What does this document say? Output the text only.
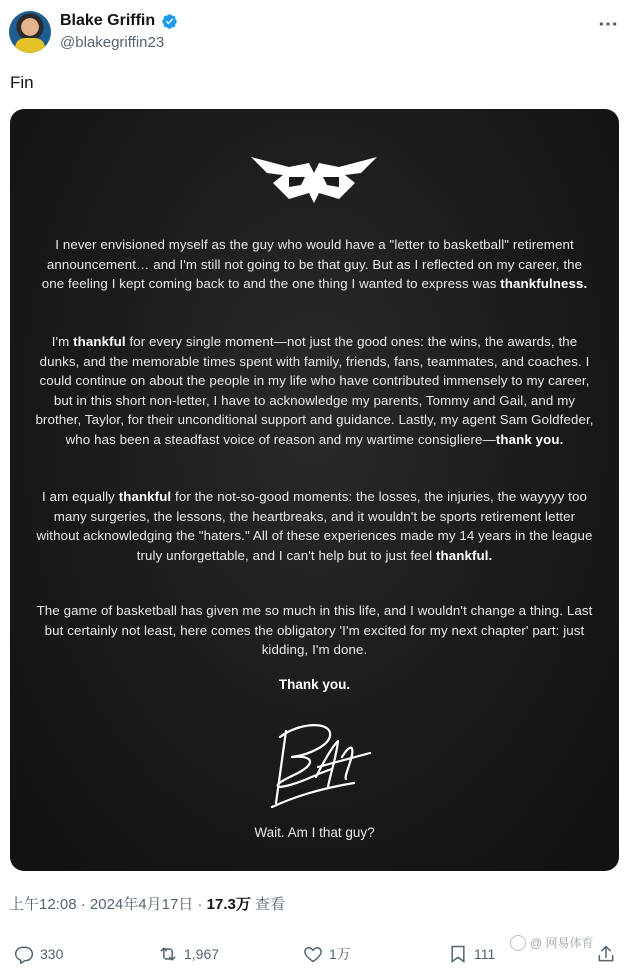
Blake Griffin
@blakegriffin23
Fin
I never envisioned myself as the guy who would have a "letter to basketball" retirement announcement… and I'm still not going to be that guy. But as I reflected on my career, the one feeling I kept coming back to and the one thing I wanted to express was thankfulness.
I'm thankful for every single moment—not just the good ones: the wins, the awards, the dunks, and the memorable times spent with family, friends, fans, teammates, and coaches. I could continue on about the people in my life who have contributed immensely to my career, but in this short non-letter, I have to acknowledge my parents, Tommy and Gail, and my brother, Taylor, for their unconditional support and guidance. Lastly, my agent Sam Goldfeder, who has been a steadfast voice of reason and my wartime consigliere—thank you.
I am equally thankful for the not-so-good moments: the losses, the injuries, the wayyyy too many surgeries, the lessons, the heartbreaks, and it wouldn't be sports retirement letter without acknowledging the "haters." All of these experiences made my 14 years in the league truly unforgettable, and I can't help but to just feel thankful.
The game of basketball has given me so much in this life, and I wouldn't change a thing. Last but certainly not least, here comes the obligatory 'I'm excited for my next chapter' part: just kidding, I'm done.
Thank you.
Wait. Am I that guy?
上午12:08 · 2024年4月17日 · 17.3万 查看
330	1,967	1万	111
@ 网易体育
